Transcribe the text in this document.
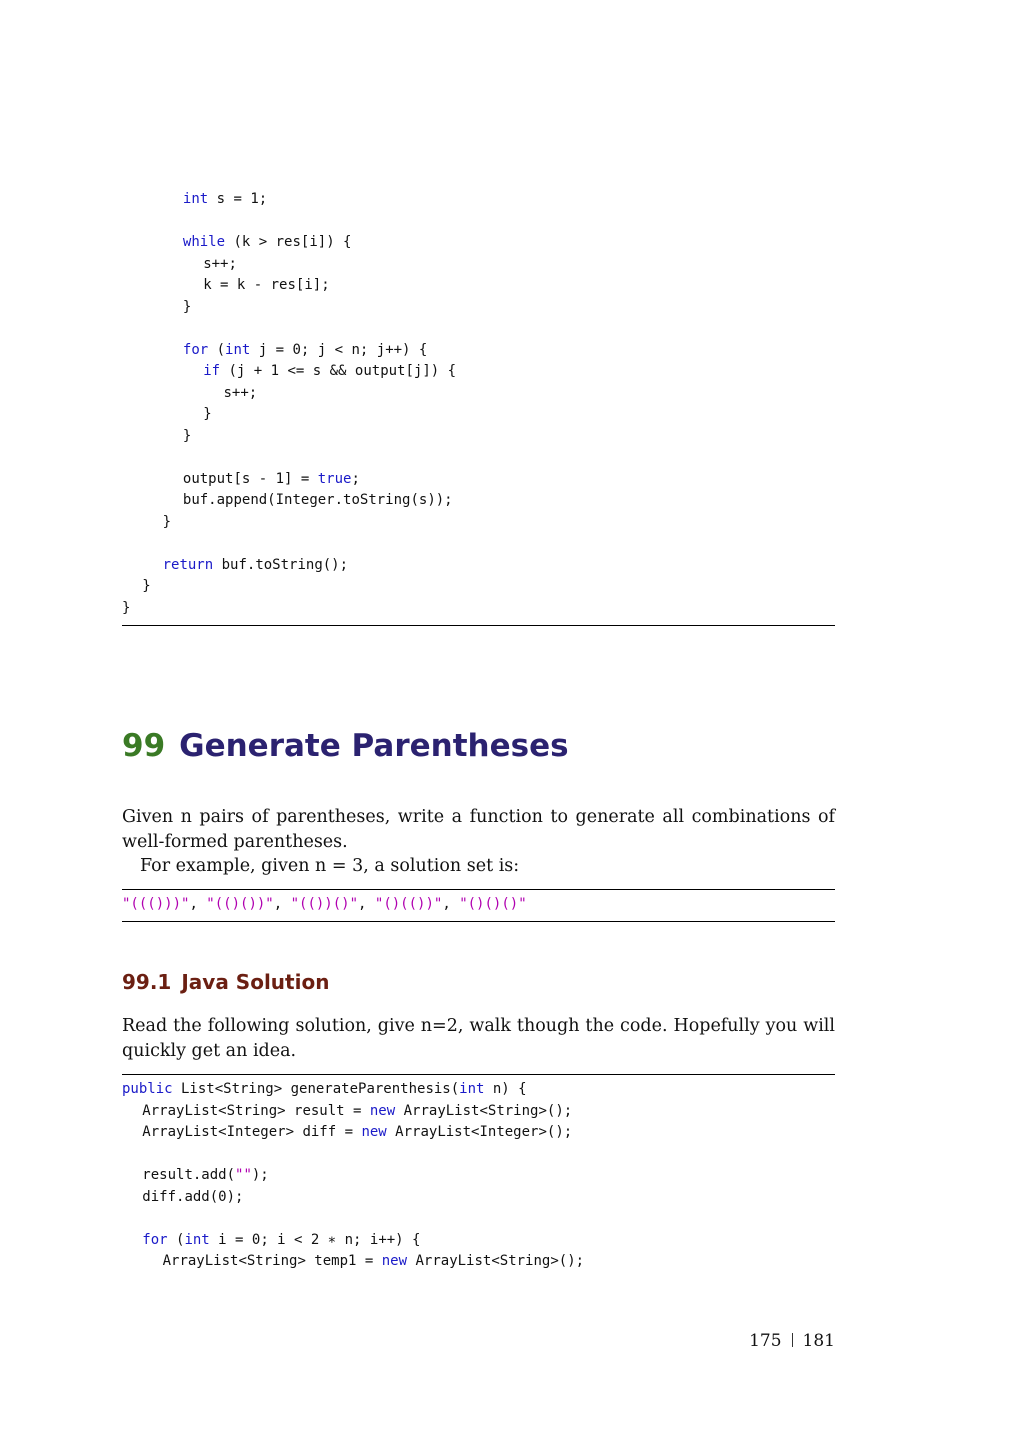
int s = 1;
while (k > res[i]) {
s++;
k = k - res[i];
}
for (int j = 0; j < n; j++) {
if (j + 1 <= s && output[j]) {
s++;
}
}
output[s - 1] = true;
buf.append(Integer.toString(s));
}
return buf.toString();
}
}
99 Generate Parentheses
Given n pairs of parentheses, write a function to generate all combinations of well-formed parentheses.
For example, given n = 3, a solution set is:
"((()))", "(()())", "(())()", "()(())", "()()()"
99.1 Java Solution
Read the following solution, give n=2, walk though the code. Hopefully you will quickly get an idea.
public List<String> generateParenthesis(int n) {
ArrayList<String> result = new ArrayList<String>();
ArrayList<Integer> diff = new ArrayList<Integer>();
result.add("");
diff.add(0);
for (int i = 0; i < 2 ∗ n; i++) {
ArrayList<String> temp1 = new ArrayList<String>();
175 181
